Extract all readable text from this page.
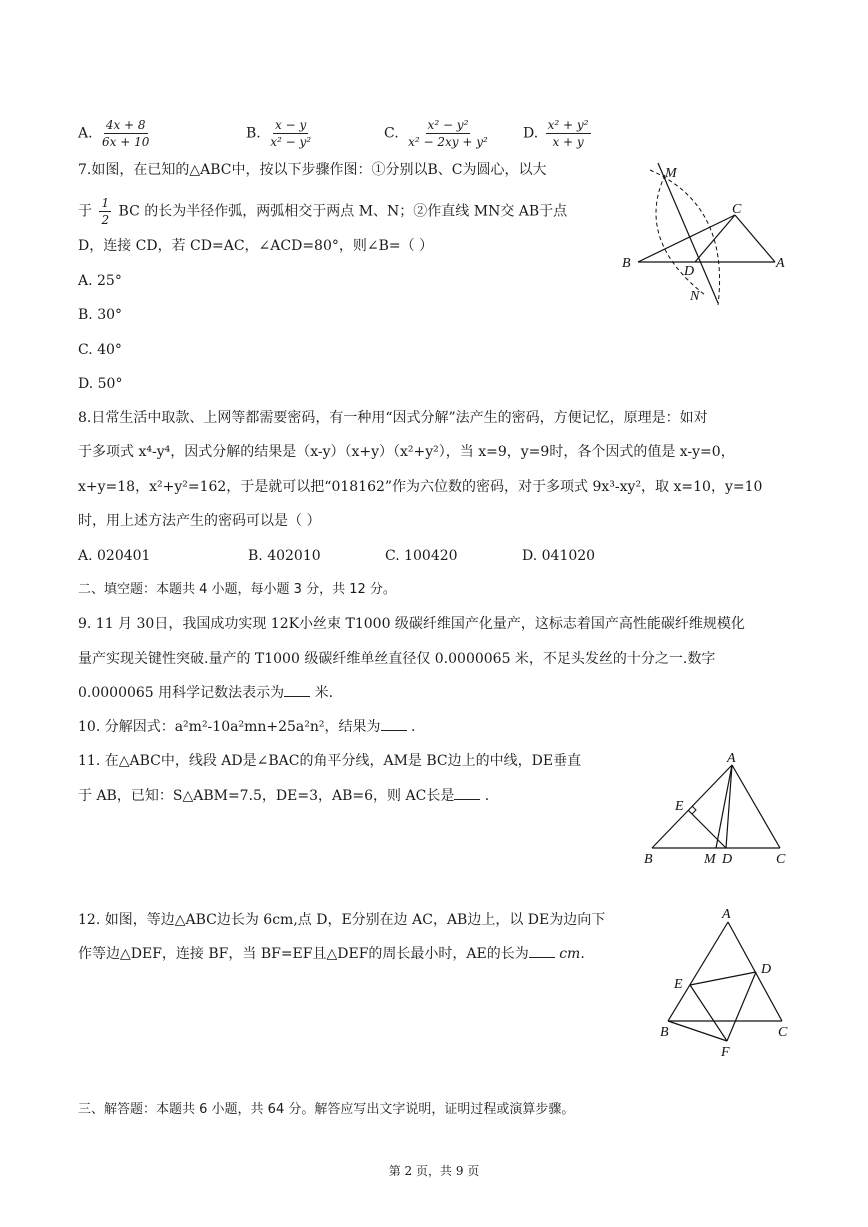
A. $\frac{4x + 8}{6x + 10}$	B. $\frac{x - y}{\text{x² − y²}}$	C. $\frac{\text{x² − y²}}{\text{x² − 2xy + y²}} D$. $\frac{\text{x² + y²}}{x + y}$
7.如图，在已知的△ABC中，按以下步骤作图：①分别以B、C为圆心，以大
于 $\frac{1}{2}$ BC 的长为半径作弧，两弧相交于两点 M、N；②作直线 MN交 AB于点
D，连接 CD，若 CD=AC，∠ACD=80°，则∠B=（ ）
A. 25°
B. 30°
C. 40°
D. 50°
M
C
B
D
A
N
8.日常生活中取款、上网等都需要密码，有一种用“因式分解”法产生的密码，方便记忆，原理是：如对
于多项式 x⁴-y⁴，因式分解的结果是（x-y）（x+y）（x²+y²），当 x=9，y=9时，各个因式的值是 x-y=0，
x+y=18，x²+y²=162，于是就可以把“018162”作为六位数的密码，对于多项式 9x³-xy²，取 x=10，y=10
时，用上述方法产生的密码可以是（ ）
A. 020401	B. 402010	C. 100420	D. 041020
二、填空题：本题共 4 小题，每小题 3 分，共 12 分。
9. 11 月 30日，我国成功实现 12K小丝束 T1000 级碳纤维国产化量产，这标志着国产高性能碳纤维规模化
量产实现关键性突破.量产的 T1000 级碳纤维单丝直径仅 0.0000065 米，不足头发丝的十分之一.数字
0.0000065 用科学记数法表示为 米.
10. 分解因式：a²m²-10a²mn+25a²n²，结果为 .
11. 在△ABC中，线段 AD是∠BAC的角平分线，AM是 BC边上的中线，DE垂直
于 AB，已知：S△ABM=7.5，DE=3，AB=6，则 AC长是 .
A
E
B	M D	C
12. 如图，等边△ABC边长为 6cm,点 D，E分别在边 AC，AB边上，以 DE为边向下
作等边△DEF，连接 BF，当 BF=EF且△DEF的周长最小时，AE的长为 cm.
A
D
E
B	C
F
三、解答题：本题共 6 小题，共 64 分。解答应写出文字说明，证明过程或演算步骤。
第 2 页，共 9 页
